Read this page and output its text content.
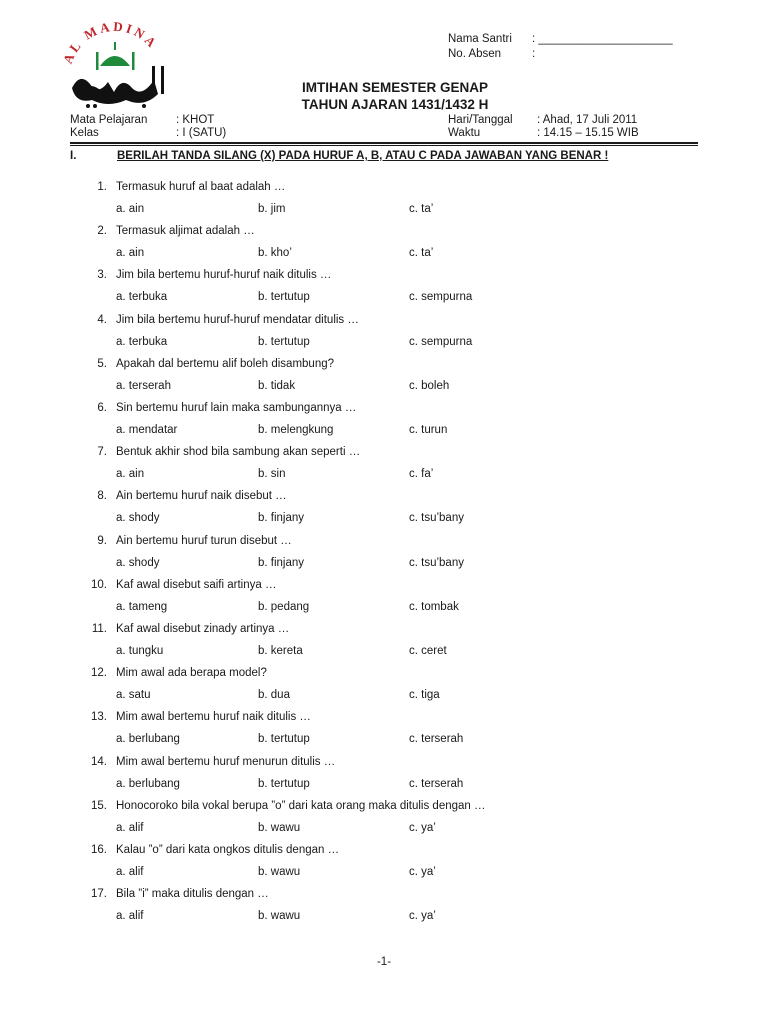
AL MADINA	Nama Santri	: _____________________
No. Absen	:
IMTIHAN SEMESTER GENAP
TAHUN AJARAN 1431/1432 H
Mata Pelajaran	: KHOT
Kelas	: I (SATU)
Hari/Tanggal	: Ahad, 17 Juli 2011
Waktu	: 14.15 – 15.15 WIB
I.	BERILAH TANDA SILANG (X) PADA HURUF A, B, ATAU C PADA JAWABAN YANG BENAR !
1. Termasuk huruf al baat adalah …
a. ain	b. jim	c. ta’
2. Termasuk aljimat adalah …
a. ain	b. kho’	c. ta’
3. Jim bila bertemu huruf-huruf naik ditulis …
a. terbuka	b. tertutup	c. sempurna
4. Jim bila bertemu huruf-huruf mendatar ditulis …
a. terbuka	b. tertutup	c. sempurna
5. Apakah dal bertemu alif boleh disambung?
a. terserah	b. tidak	c. boleh
6. Sin bertemu huruf lain maka sambungannya …
a. mendatar	b. melengkung	c. turun
7. Bentuk akhir shod bila sambung akan seperti …
a. ain	b. sin	c. fa’
8. Ain bertemu huruf naik disebut …
a. shody	b. finjany	c. tsu’bany
9. Ain bertemu huruf turun disebut …
a. shody	b. finjany	c. tsu’bany
10. Kaf awal disebut saifi artinya …
a. tameng	b. pedang	c. tombak
11. Kaf awal disebut zinady artinya …
a. tungku	b. kereta	c. ceret
12. Mim awal ada berapa model?
a. satu	b. dua	c. tiga
13. Mim awal bertemu huruf naik ditulis …
a. berlubang	b. tertutup	c. terserah
14. Mim awal bertemu huruf menurun ditulis …
a. berlubang	b. tertutup	c. terserah
15. Honocoroko bila vokal berupa ”o” dari kata orang maka ditulis dengan …
a. alif	b. wawu	c. ya’
16. Kalau ”o” dari kata ongkos ditulis dengan …
a. alif	b. wawu	c. ya’
17. Bila ”i” maka ditulis dengan …
a. alif	b. wawu	c. ya’
-1-
